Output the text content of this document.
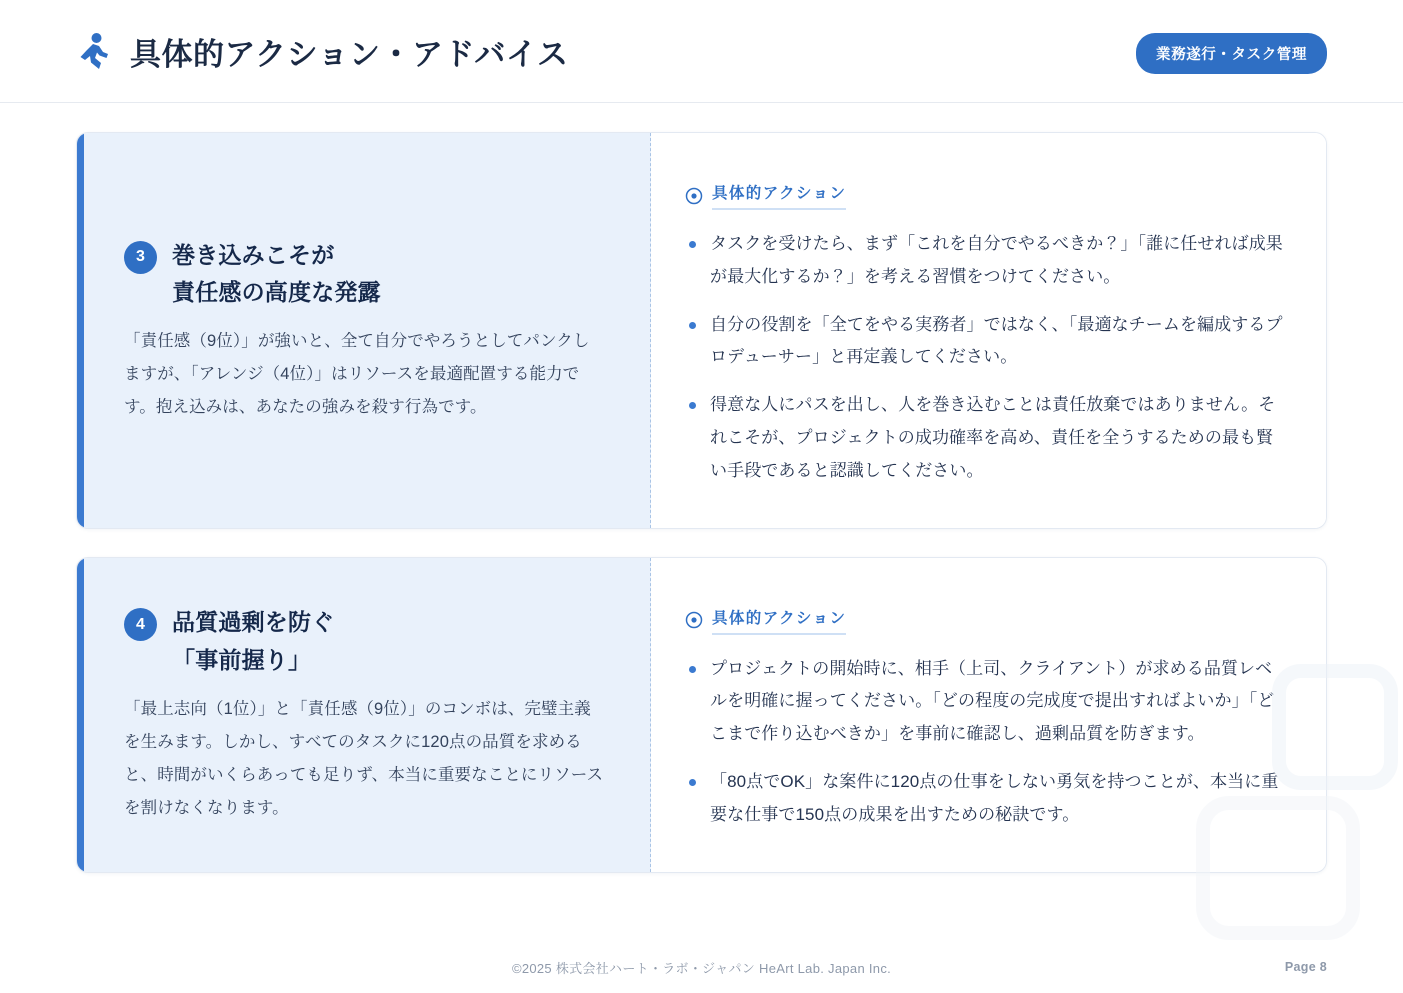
具体的アクション・アドバイス	業務遂行・タスク管理
3	巻き込みこそが
責任感の高度な発露
「責任感（9位）」が強いと、全て自分でやろうとしてパンクしますが、「アレンジ（4位）」はリソースを最適配置する能力です。抱え込みは、あなたの強みを殺す行為です。
具体的アクション
タスクを受けたら、まず「これを自分でやるべきか？」「誰に任せれば成果が最大化するか？」を考える習慣をつけてください。
自分の役割を「全てをやる実務者」ではなく、「最適なチームを編成するプロデューサー」と再定義してください。
得意な人にパスを出し、人を巻き込むことは責任放棄ではありません。それこそが、プロジェクトの成功確率を高め、責任を全うするための最も賢い手段であると認識してください。
4	品質過剰を防ぐ
「事前握り」
「最上志向（1位）」と「責任感（9位）」のコンボは、完璧主義を生みます。しかし、すべてのタスクに120点の品質を求めると、時間がいくらあっても足りず、本当に重要なことにリソースを割けなくなります。
具体的アクション
プロジェクトの開始時に、相手（上司、クライアント）が求める品質レベルを明確に握ってください。「どの程度の完成度で提出すればよいか」「どこまで作り込むべきか」を事前に確認し、過剰品質を防ぎます。
「80点でOK」な案件に120点の仕事をしない勇気を持つことが、本当に重要な仕事で150点の成果を出すための秘訣です。
©2025 株式会社ハート・ラボ・ジャパン HeArt Lab. Japan Inc.	Page 8
